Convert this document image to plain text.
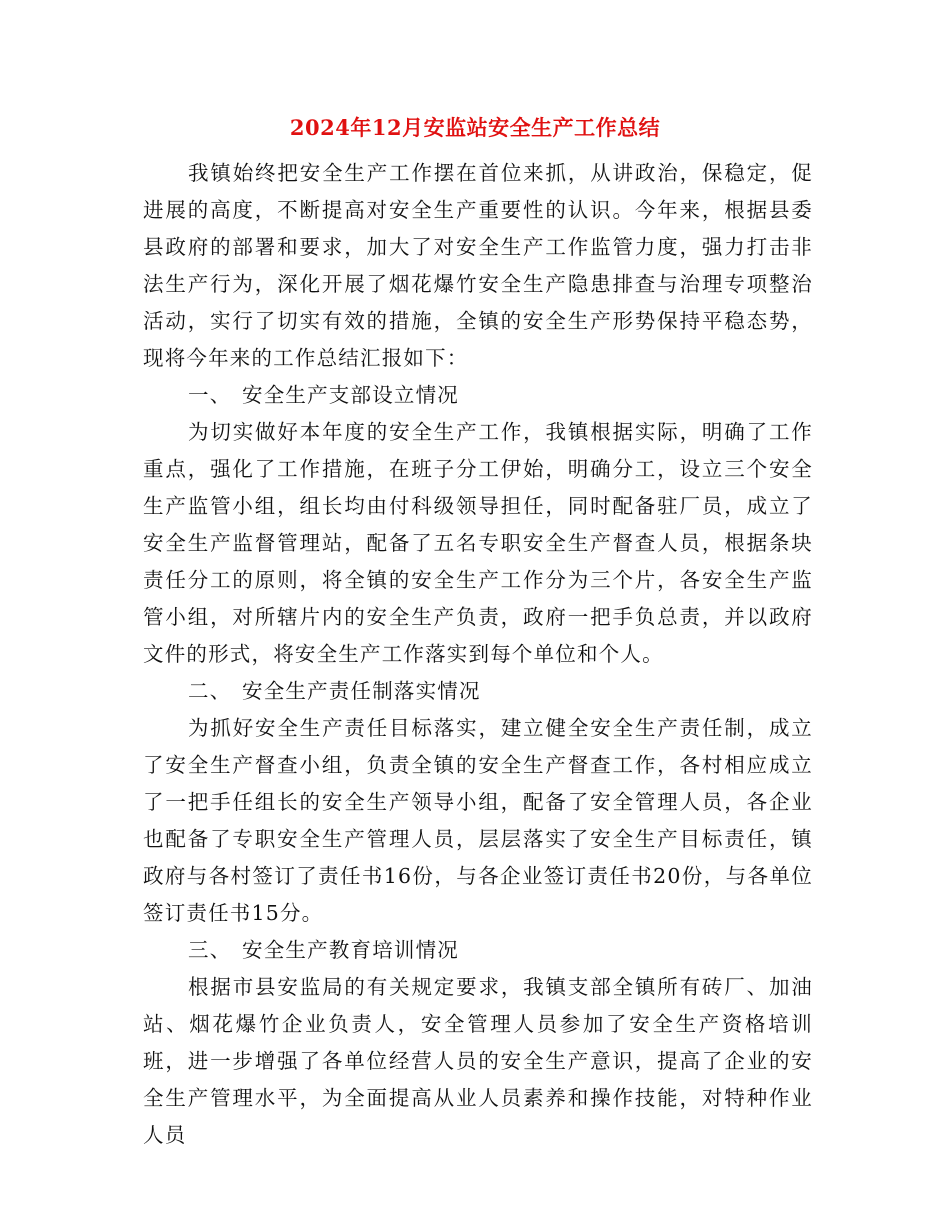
2024年12月安监站安全生产工作总结

我镇始终把安全生产工作摆在首位来抓，从讲政治，保稳定，促进展的高度，不断提高对安全生产重要性的认识。今年来，根据县委县政府的部署和要求，加大了对安全生产工作监管力度，强力打击非法生产行为，深化开展了烟花爆竹安全生产隐患排查与治理专项整治活动，实行了切实有效的措施，全镇的安全生产形势保持平稳态势，现将今年来的工作总结汇报如下：

一、 安全生产支部设立情况

为切实做好本年度的安全生产工作，我镇根据实际，明确了工作重点，强化了工作措施，在班子分工伊始，明确分工，设立三个安全生产监管小组，组长均由付科级领导担任，同时配备驻厂员，成立了安全生产监督管理站，配备了五名专职安全生产督查人员，根据条块责任分工的原则，将全镇的安全生产工作分为三个片，各安全生产监管小组，对所辖片内的安全生产负责，政府一把手负总责，并以政府文件的形式，将安全生产工作落实到每个单位和个人。

二、 安全生产责任制落实情况

为抓好安全生产责任目标落实，建立健全安全生产责任制，成立了安全生产督查小组，负责全镇的安全生产督查工作，各村相应成立了一把手任组长的安全生产领导小组，配备了安全管理人员，各企业也配备了专职安全生产管理人员，层层落实了安全生产目标责任，镇政府与各村签订了责任书16份，与各企业签订责任书20份，与各单位签订责任书15分。

三、 安全生产教育培训情况

根据市县安监局的有关规定要求，我镇支部全镇所有砖厂、加油站、烟花爆竹企业负责人，安全管理人员参加了安全生产资格培训班，进一步增强了各单位经营人员的安全生产意识，提高了企业的安全生产管理水平，为全面提高从业人员素养和操作技能，对特种作业人员
